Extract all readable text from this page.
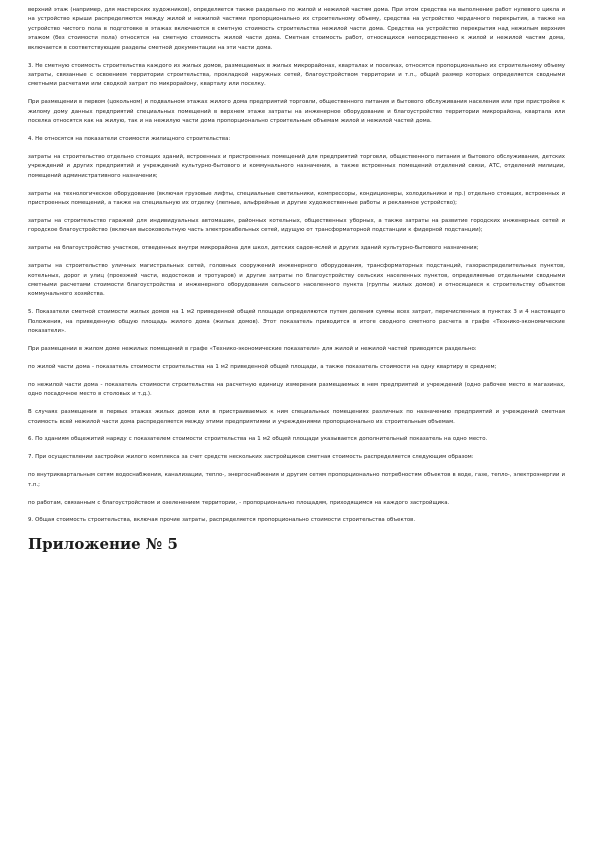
верхний этаж (например, для мастерских художников), определяется также раздельно по жилой и нежилой частям дома. При этом средства на выполнение работ нулевого цикла и на устройство крыши распределяются между жилой и нежилой частями пропорционально их строительному объему, средства на устройство чердачного перекрытия, а также на устройство чистого пола в подготовке в этажах включаются в сметную стоимость строительства нежилой части дома. Средства на устройство перекрытия над нежилым верхним этажом (без стоимости пола) относятся на сметную стоимость жилой части дома. Сметная стоимость работ, относящихся непосредственно к жилой и нежилой частям дома, включается в соответствующие разделы сметной документации на эти части дома.

3. Не сметную стоимость строительства каждого из жилых домов, размещаемых в жилых микрорайонах, кварталах и поселках, относятся пропорционально их строительному объему затраты, связанные с освоением территории строительства, прокладкой наружных сетей, благоустройством территории и т.п., общий размер которых определяется сводными сметными расчетами или сводкой затрат по микрорайону, кварталу или поселку.

При размещении в первом (цокольном) и подвальном этажах жилого дома предприятий торговли, общественного питания и бытового обслуживания населения или при пристройке к жилому дому данных предприятий специальных помещений в верхнем этаже затраты на инженерное оборудование и благоустройство территории микрорайона, квартала или поселка относятся как на жилую, так и на нежилую части дома пропорционально строительным объемам жилой и нежилой частей дома.

4. Не относятся на показатели стоимости жилищного строительства:

затраты на строительство отдельно стоящих зданий, встроенных и пристроенных помещений для предприятий торговли, общественного питания и бытового обслуживания, детских учреждений и других предприятий и учреждений культурно-бытового и коммунального назначения, а также встроенных помещений отделений связи, АТС, отделений милиции, помещений административного назначения;

затраты на технологическое оборудование (включая грузовые лифты, специальные светильники, компрессоры, кондиционеры, холодильники и пр.) отдельно стоящих, встроенных и пристроенных помещений, а также на специальную их отделку (лепные, альфрейные и другие художественные работы и рекламное устройство);

затраты на строительство гаражей для индивидуальных автомашин, районных котельных, общественных уборных, а также затраты на развитие городских инженерных сетей и городское благоустройство (включая высоковольтную часть электрокабельных сетей, идущую от трансформаторной подстанции к фидерной подстанции);

затраты на благоустройство участков, отведенных внутри микрорайона для школ, детских садов-яслей и других зданий культурно-бытового назначения;

затраты на строительство уличных магистральных сетей, головных сооружений инженерного оборудования, трансформаторных подстанций, газораспределительных пунктов, котельных, дорог и улиц (проезжей части, водостоков и тротуаров) и другие затраты по благоустройству сельских населенных пунктов, определяемые отдельными сводными сметными расчетами стоимости благоустройства и инженерного оборудования сельского населенного пункта (группы жилых домов) и относящиеся к строительству объектов коммунального хозяйства.

5. Показатели сметной стоимости жилых домов на 1 м2 приведенной общей площади определяются путем деления суммы всех затрат, перечисленных в пунктах 3 и 4 настоящего Положения, на приведенную общую площадь жилого дома (жилых домов). Этот показатель приводится в итоге сводного сметного расчета в графе «Технико-экономические показатели».

При размещении в жилом доме нежилых помещений в графе «Технико-экономические показатели» для жилой и нежилой частей приводятся раздельно:

по жилой части дома - показатель стоимости строительства на 1 м2 приведенной общей площади, а также показатель стоимости на одну квартиру в среднем;

по нежилой части дома - показатель стоимости строительства на расчетную единицу измерения размещаемых в нем предприятий и учреждений (одно рабочее место в магазинах, одно посадочное место в столовых и т.д.).

В случаях размещения в первых этажах жилых домов или в пристраиваемых к ним специальных помещениях различных по назначению предприятий и учреждений сметная стоимость всей нежилой части дома распределяется между этими предприятиями и учреждениями пропорционально их строительным объемам.

6. По зданиям общежитий наряду с показателем стоимости строительства на 1 м2 общей площади указывается дополнительный показатель на одно место.

7. При осуществлении застройки жилого комплекса за счет средств нескольких застройщиков сметная стоимость распределяется следующим образом:

по внутриквартальным сетям водоснабжения, канализации, тепло-, энергоснабжения и другим сетям пропорционально потребностям объектов в воде, газе, тепло-, электроэнергии и т.п.;

по работам, связанным с благоустройством и озеленением территории, - пропорционально площадям, приходящимся на каждого застройщика.

9. Общая стоимость строительства, включая прочие затраты, распределяется пропорционально стоимости строительства объектов.

Приложение № 5
